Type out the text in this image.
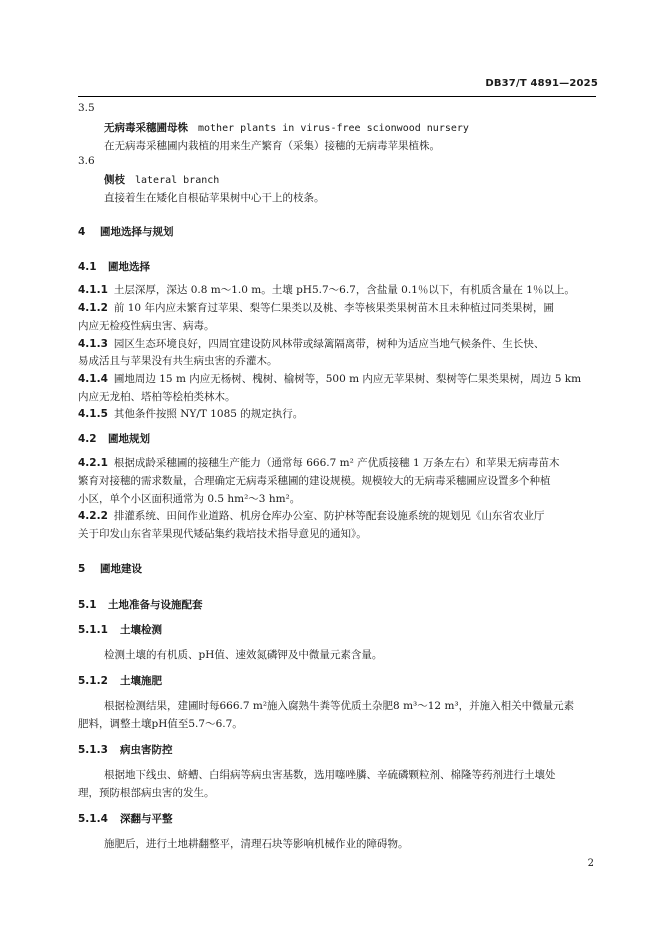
DB37/T 4891—2025
3.5
无病毒采穗圃母株 mother plants in virus-free scionwood nursery
在无病毒采穗圃内栽植的用来生产繁育（采集）接穗的无病毒苹果植株。
3.6
侧枝 lateral branch
直接着生在矮化自根砧苹果树中心干上的枝条。
4 圃地选择与规划
4.1 圃地选择
4.1.1 土层深厚，深达 0.8 m～1.0 m。土壤 pH5.7～6.7，含盐量 0.1％以下，有机质含量在 1％以上。
4.1.2 前 10 年内应未繁育过苹果、梨等仁果类以及桃、李等核果类果树苗木且未种植过同类果树，圃
内应无检疫性病虫害、病毒。
4.1.3 园区生态环境良好，四周宜建设防风林带或绿篱隔离带，树种为适应当地气候条件、生长快、
易成活且与苹果没有共生病虫害的乔灌木。
4.1.4 圃地周边 15 m 内应无杨树、槐树、榆树等，500 m 内应无苹果树、梨树等仁果类果树，周边 5 km
内应无龙柏、塔柏等桧柏类林木。
4.1.5 其他条件按照 NY/T 1085 的规定执行。
4.2 圃地规划
4.2.1 根据成龄采穗圃的接穗生产能力（通常每 666.7 m² 产优质接穗 1 万条左右）和苹果无病毒苗木
繁育对接穗的需求数量，合理确定无病毒采穗圃的建设规模。规模较大的无病毒采穗圃应设置多个种植
小区，单个小区面积通常为 0.5 hm²～3 hm²。
4.2.2 排灌系统、田间作业道路、机房仓库办公室、防护林等配套设施系统的规划见《山东省农业厅
关于印发山东省苹果现代矮砧集约栽培技术指导意见的通知》。
5 圃地建设
5.1 土地准备与设施配套
5.1.1 土壤检测
检测土壤的有机质、pH值、速效氮磷钾及中微量元素含量。
5.1.2 土壤施肥
根据检测结果，建圃时每666.7 m²施入腐熟牛粪等优质土杂肥8 m³～12 m³，并施入相关中微量元素
肥料，调整土壤pH值至5.7～6.7。
5.1.3 病虫害防控
根据地下线虫、蛴螬、白绢病等病虫害基数，选用噻唑膦、辛硫磷颗粒剂、棉隆等药剂进行土壤处
理，预防根部病虫害的发生。
5.1.4 深翻与平整
施肥后，进行土地耕翻整平，清理石块等影响机械作业的障碍物。
2
